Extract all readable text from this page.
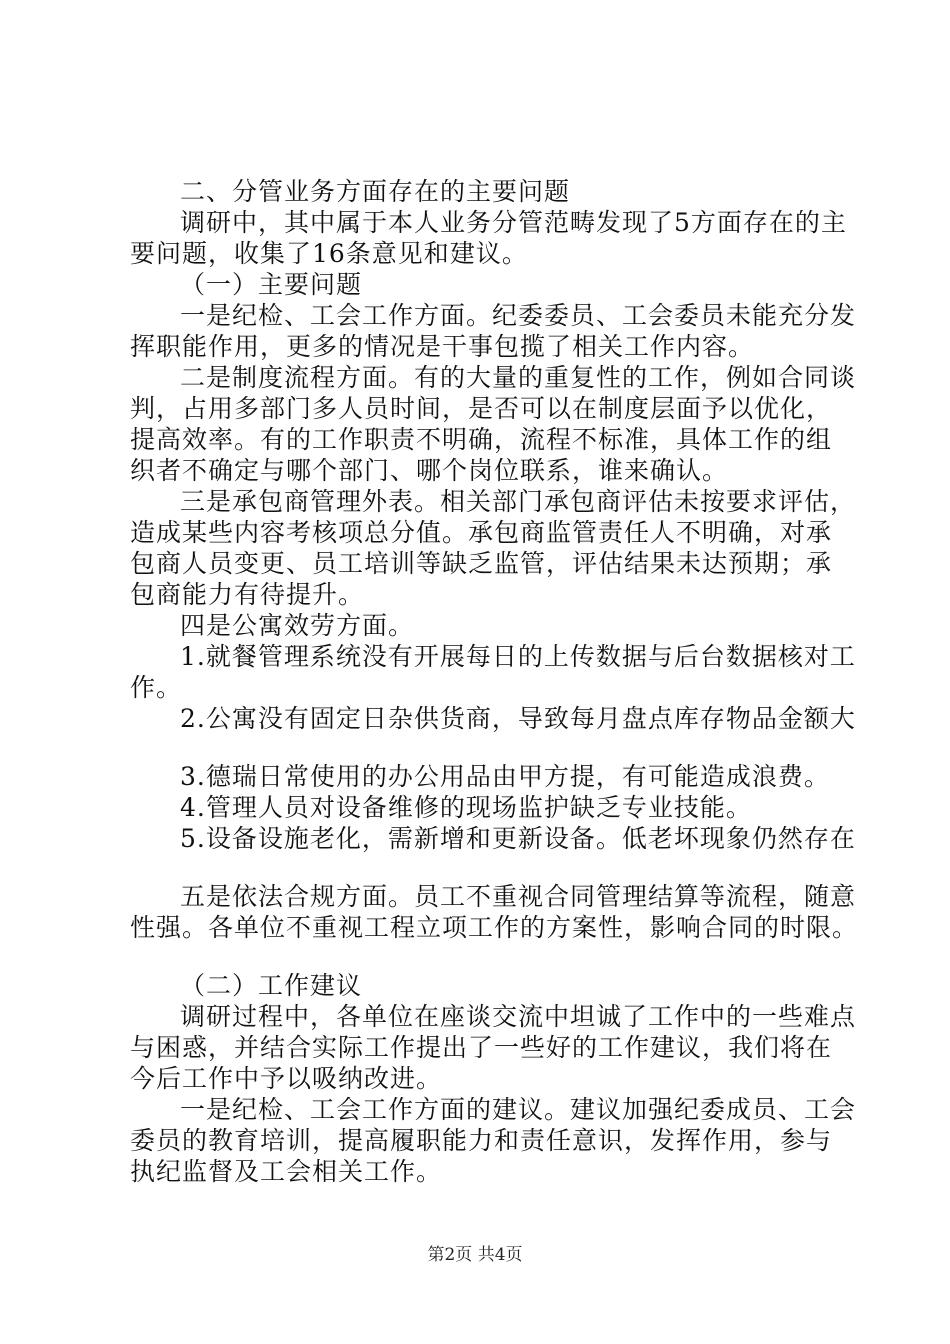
二、分管业务方面存在的主要问题
调研中，其中属于本人业务分管范畴发现了5方面存在的主
要问题，收集了16条意见和建议。
（一）主要问题
一是纪检、工会工作方面。纪委委员、工会委员未能充分发
挥职能作用，更多的情况是干事包揽了相关工作内容。
二是制度流程方面。有的大量的重复性的工作，例如合同谈
判，占用多部门多人员时间，是否可以在制度层面予以优化，
提高效率。有的工作职责不明确，流程不标准，具体工作的组
织者不确定与哪个部门、哪个岗位联系，谁来确认。
三是承包商管理外表。相关部门承包商评估未按要求评估，
造成某些内容考核项总分值。承包商监管责任人不明确，对承
包商人员变更、员工培训等缺乏监管，评估结果未达预期；承
包商能力有待提升。
四是公寓效劳方面。
1.就餐管理系统没有开展每日的上传数据与后台数据核对工
作。
2.公寓没有固定日杂供货商，导致每月盘点库存物品金额大
3.德瑞日常使用的办公用品由甲方提，有可能造成浪费。
4.管理人员对设备维修的现场监护缺乏专业技能。
5.设备设施老化，需新增和更新设备。低老坏现象仍然存在
五是依法合规方面。员工不重视合同管理结算等流程，随意
性强。各单位不重视工程立项工作的方案性，影响合同的时限。
（二）工作建议
调研过程中，各单位在座谈交流中坦诚了工作中的一些难点
与困惑，并结合实际工作提出了一些好的工作建议，我们将在
今后工作中予以吸纳改进。
一是纪检、工会工作方面的建议。建议加强纪委成员、工会
委员的教育培训，提高履职能力和责任意识，发挥作用，参与
执纪监督及工会相关工作。
第2页 共4页
